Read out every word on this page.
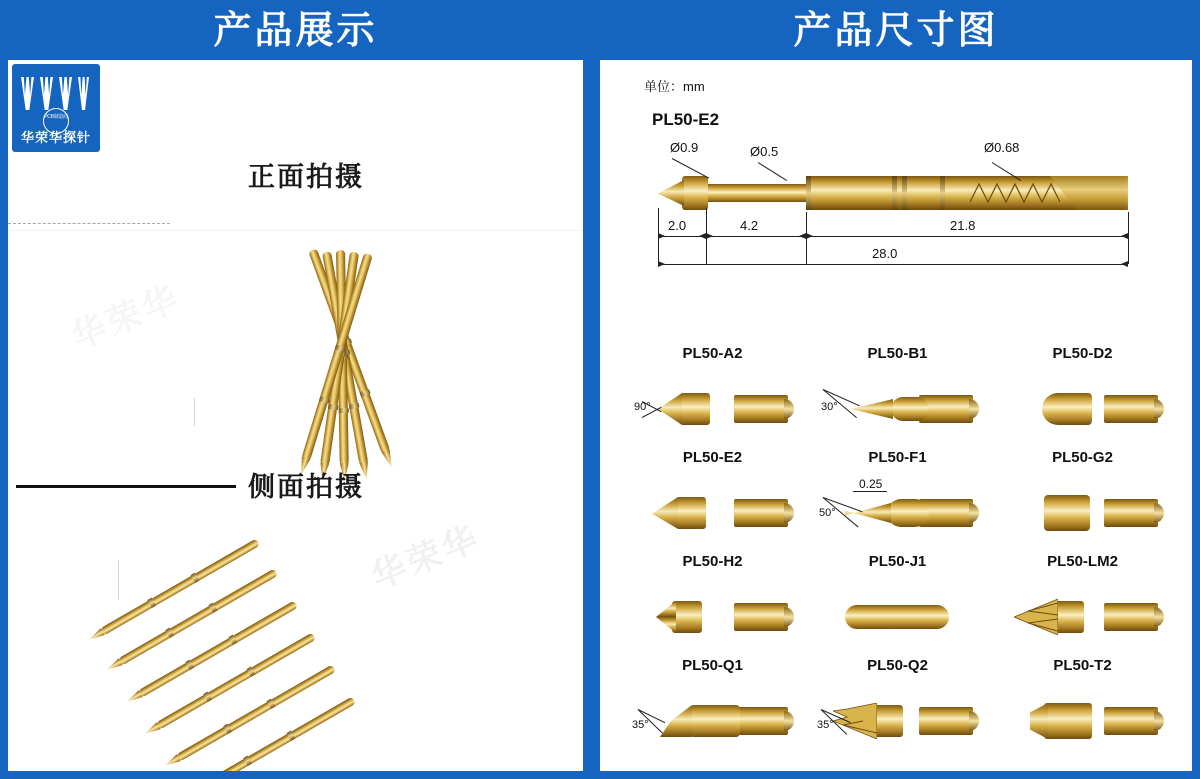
产品展示	产品尺寸图
华荣华
华荣华
正面拍摄
侧面拍摄
PCB制造商
华荣华探针
单位：mm
PL50-E2
Ø0.9	Ø0.5	Ø0.68
2.0	4.2	21.8
28.0
PL50-A2
90°
PL50-B1
30°
PL50-D2
PL50-E2	PL50-F1
50°
0.25
PL50-G2
PL50-H2	PL50-J1	PL50-LM2
PL50-Q1
35°
PL50-Q2
35°
PL50-T2
